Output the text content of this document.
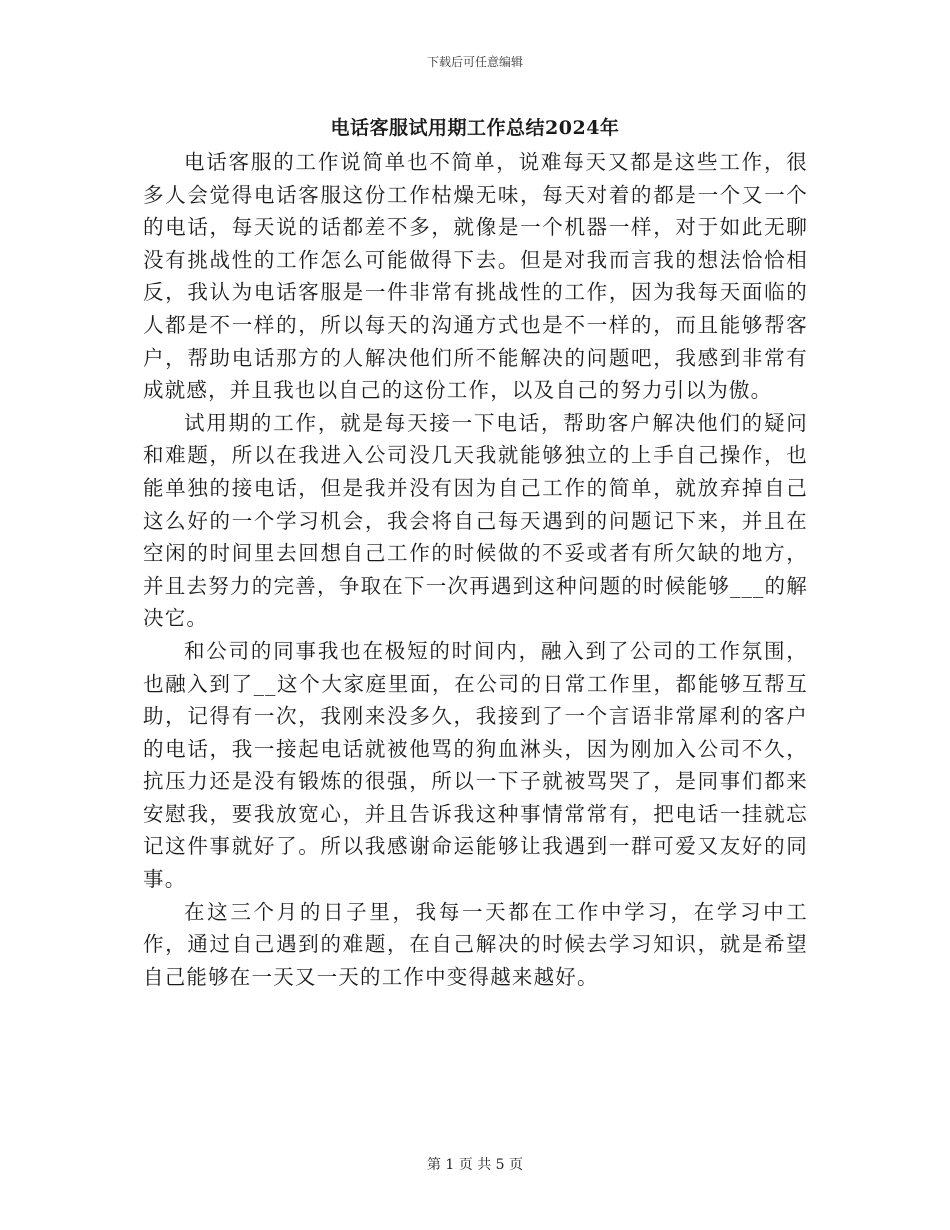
下载后可任意编辑
电话客服试用期工作总结2024年

电话客服的工作说简单也不简单，说难每天又都是这些工作，很多人会觉得电话客服这份工作枯燥无味，每天对着的都是一个又一个的电话，每天说的话都差不多，就像是一个机器一样，对于如此无聊没有挑战性的工作怎么可能做得下去。但是对我而言我的想法恰恰相反，我认为电话客服是一件非常有挑战性的工作，因为我每天面临的人都是不一样的，所以每天的沟通方式也是不一样的，而且能够帮客户，帮助电话那方的人解决他们所不能解决的问题吧，我感到非常有成就感，并且我也以自己的这份工作，以及自己的努力引以为傲。

试用期的工作，就是每天接一下电话，帮助客户解决他们的疑问和难题，所以在我进入公司没几天我就能够独立的上手自己操作，也能单独的接电话，但是我并没有因为自己工作的简单，就放弃掉自己这么好的一个学习机会，我会将自己每天遇到的问题记下来，并且在空闲的时间里去回想自己工作的时候做的不妥或者有所欠缺的地方，并且去努力的完善，争取在下一次再遇到这种问题的时候能够___的解决它。

和公司的同事我也在极短的时间内，融入到了公司的工作氛围，也融入到了__这个大家庭里面，在公司的日常工作里，都能够互帮互助，记得有一次，我刚来没多久，我接到了一个言语非常犀利的客户的电话，我一接起电话就被他骂的狗血淋头，因为刚加入公司不久，抗压力还是没有锻炼的很强，所以一下子就被骂哭了，是同事们都来安慰我，要我放宽心，并且告诉我这种事情常常有，把电话一挂就忘记这件事就好了。所以我感谢命运能够让我遇到一群可爱又友好的同事。

在这三个月的日子里，我每一天都在工作中学习，在学习中工作，通过自己遇到的难题，在自己解决的时候去学习知识，就是希望自己能够在一天又一天的工作中变得越来越好。

第 1 页 共 5 页
